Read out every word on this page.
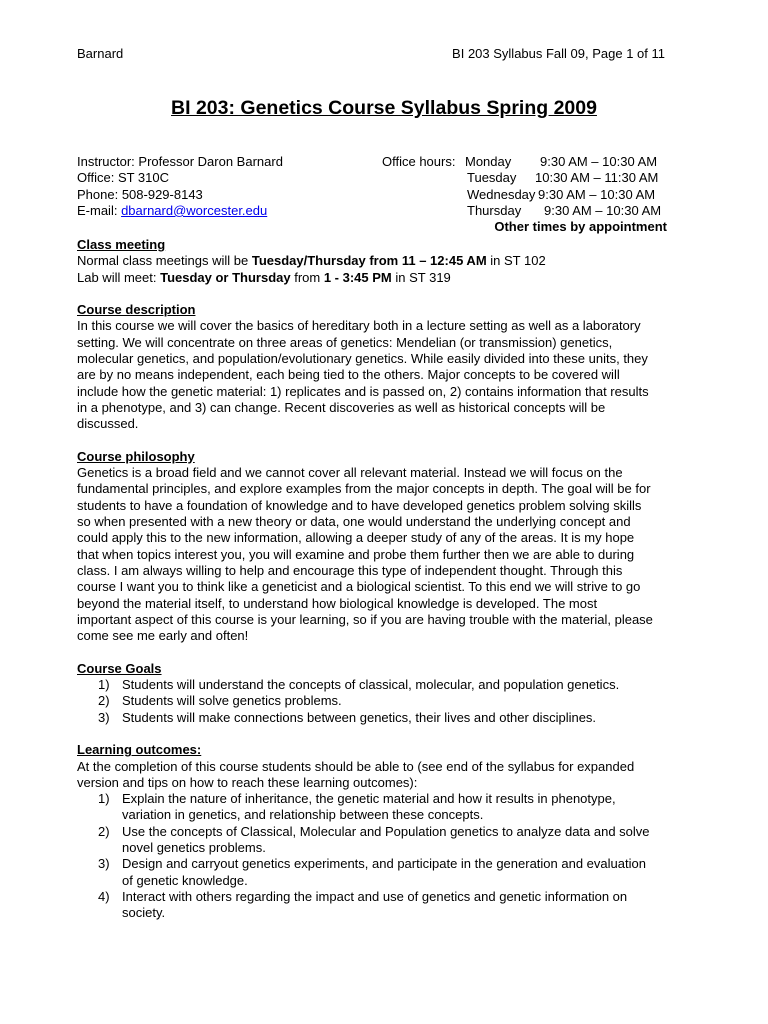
Barnard	BI 203 Syllabus Fall 09, Page 1 of 11
BI 203: Genetics Course Syllabus Spring 2009
Instructor: Professor Daron Barnard
Office: ST 310C
Phone: 508-929-8143
E-mail: dbarnard@worcester.edu
Office hours: Monday 9:30 AM – 10:30 AM
Tuesday 10:30 AM – 11:30 AM
Wednesday 9:30 AM – 10:30 AM
Thursday 9:30 AM – 10:30 AM
Other times by appointment
Class meeting
Normal class meetings will be Tuesday/Thursday from 11 – 12:45 AM in ST 102
Lab will meet: Tuesday or Thursday from 1 - 3:45 PM in ST 319
Course description
In this course we will cover the basics of hereditary both in a lecture setting as well as a laboratory
setting. We will concentrate on three areas of genetics: Mendelian (or transmission) genetics,
molecular genetics, and population/evolutionary genetics. While easily divided into these units, they
are by no means independent, each being tied to the others. Major concepts to be covered will
include how the genetic material: 1) replicates and is passed on, 2) contains information that results
in a phenotype, and 3) can change. Recent discoveries as well as historical concepts will be
discussed.
Course philosophy
Genetics is a broad field and we cannot cover all relevant material. Instead we will focus on the
fundamental principles, and explore examples from the major concepts in depth. The goal will be for
students to have a foundation of knowledge and to have developed genetics problem solving skills
so when presented with a new theory or data, one would understand the underlying concept and
could apply this to the new information, allowing a deeper study of any of the areas. It is my hope
that when topics interest you, you will examine and probe them further then we are able to during
class. I am always willing to help and encourage this type of independent thought. Through this
course I want you to think like a geneticist and a biological scientist. To this end we will strive to go
beyond the material itself, to understand how biological knowledge is developed. The most
important aspect of this course is your learning, so if you are having trouble with the material, please
come see me early and often!
Course Goals
1) Students will understand the concepts of classical, molecular, and population genetics.
2) Students will solve genetics problems.
3) Students will make connections between genetics, their lives and other disciplines.
Learning outcomes:
At the completion of this course students should be able to (see end of the syllabus for expanded
version and tips on how to reach these learning outcomes):
1) Explain the nature of inheritance, the genetic material and how it results in phenotype,
variation in genetics, and relationship between these concepts.
2) Use the concepts of Classical, Molecular and Population genetics to analyze data and solve
novel genetics problems.
3) Design and carryout genetics experiments, and participate in the generation and evaluation
of genetic knowledge.
4) Interact with others regarding the impact and use of genetics and genetic information on
society.
